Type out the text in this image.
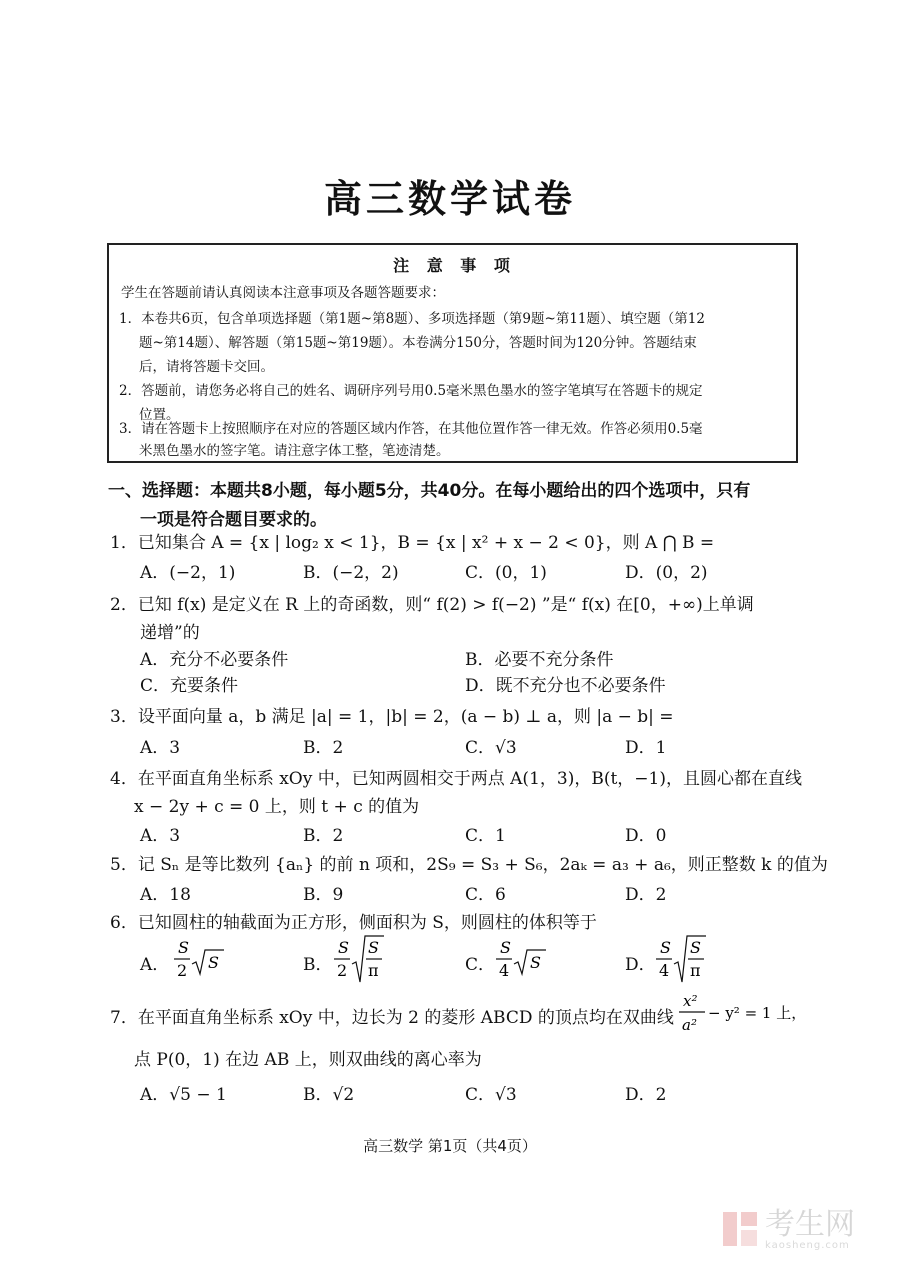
高三数学试卷
注 意 事 项
学生在答题前请认真阅读本注意事项及各题答题要求：
1．本卷共6页，包含单项选择题（第1题~第8题）、多项选择题（第9题~第11题）、填空题（第12
题~第14题）、解答题（第15题~第19题）。本卷满分150分，答题时间为120分钟。答题结束
后，请将答题卡交回。
2．答题前，请您务必将自己的姓名、调研序列号用0.5毫米黑色墨水的签字笔填写在答题卡的规定
位置。
3．请在答题卡上按照顺序在对应的答题区域内作答，在其他位置作答一律无效。作答必须用0.5毫
米黑色墨水的签字笔。请注意字体工整，笔迹清楚。
一、选择题：本题共8小题，每小题5分，共40分。在每小题给出的四个选项中，只有
一项是符合题目要求的。
1．已知集合 A = {x | log₂ x < 1}，B = {x | x² + x − 2 < 0}，则 A ⋂ B =
A．(−2，1)	B．(−2，2)	C．(0，1)	D．(0，2)
2．已知 f(x) 是定义在 R 上的奇函数，则“ f(2) > f(−2) ”是“ f(x) 在[0，+∞)上单调
递增”的
A．充分不必要条件	B．必要不充分条件
C．充要条件	D．既不充分也不必要条件
3．设平面向量 a，b 满足 |a| = 1，|b| = 2，(a − b) ⊥ a，则 |a − b| =
A．3	B．2	C．√3	D．1
4．在平面直角坐标系 xOy 中，已知两圆相交于两点 A(1，3)，B(t，−1)，且圆心都在直线
x − 2y + c = 0 上，则 t + c 的值为
A．3	B．2	C．1	D．0
5．记 Sₙ 是等比数列 {aₙ} 的前 n 项和，2S₉ = S₃ + S₆，2aₖ = a₃ + a₆，则正整数 k 的值为
A．18	B．9	C．6	D．2
6．已知圆柱的轴截面为正方形，侧面积为 S，则圆柱的体积等于
A．
S
2 S	B．
S
2
S
π	C．
S
4 S	D．
S
4
S
π
7．在平面直角坐标系 xOy 中，边长为 2 的菱形 ABCD 的顶点均在双曲线
x²
a²
− y² = 1 上，
点 P(0，1) 在边 AB 上，则双曲线的离心率为
A．√5 − 1	B．√2	C．√3	D．2
高三数学 第1页（共4页）
考生网
kaosheng.com
